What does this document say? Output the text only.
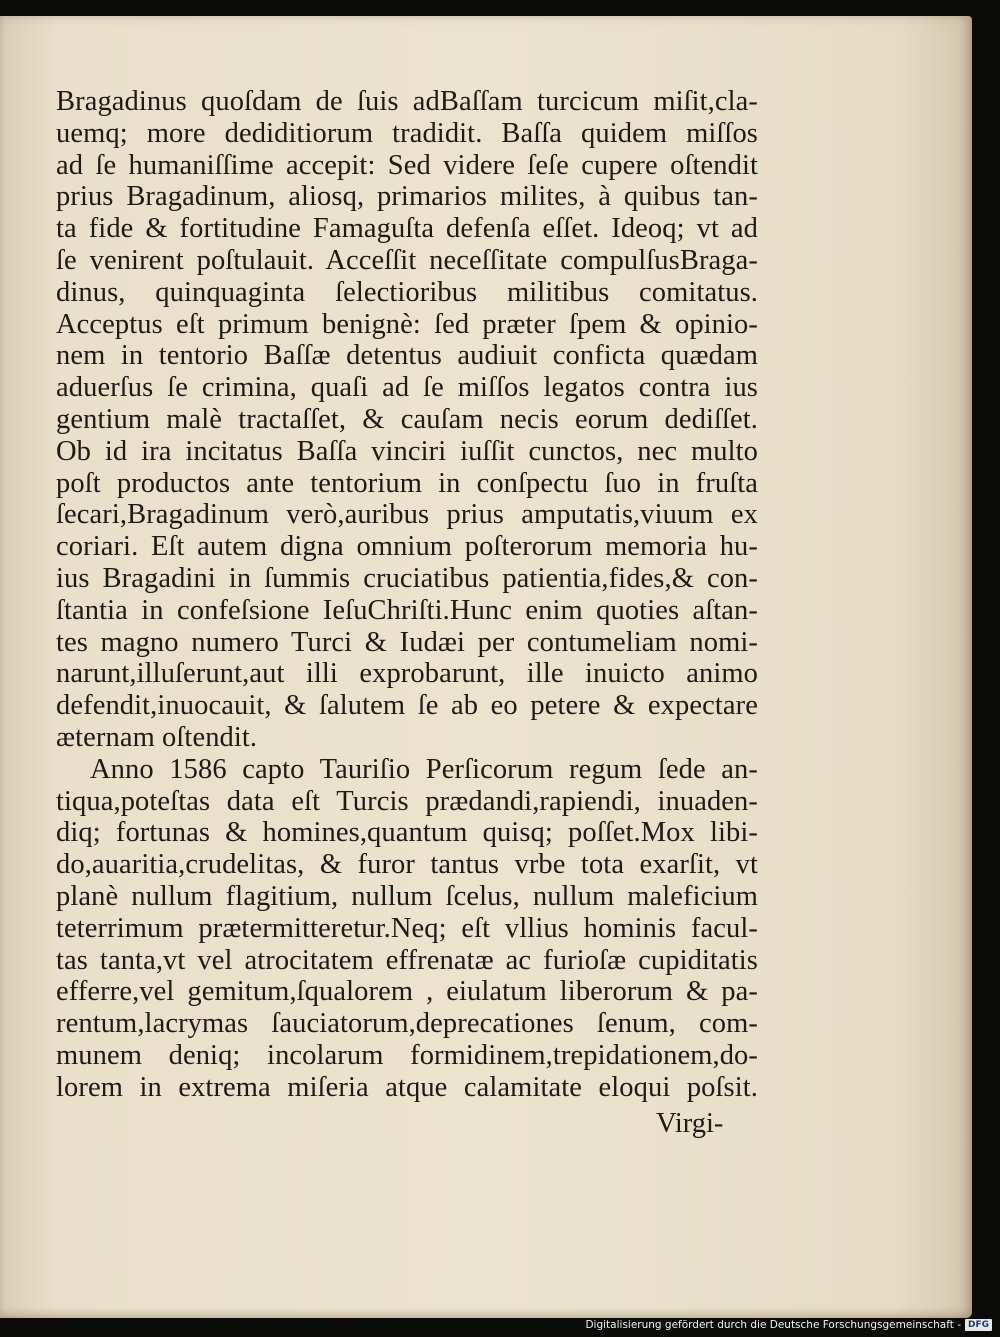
Bragadinus quoſdam de ſuis adBaſſam turcicum miſit,cla-
uemq; more dediditiorum tradidit. Baſſa quidem miſſos
ad ſe humaniſſime accepit: Sed videre ſeſe cupere oſtendit
prius Bragadinum, aliosq, primarios milites, à quibus tan-
ta fide & fortitudine Famaguſta defenſa eſſet. Ideoq; vt ad
ſe venirent poſtulauit. Acceſſit neceſſitate compulſusBraga-
dinus, quinquaginta ſelectioribus militibus comitatus.
Acceptus eſt primum benignè: ſed præter ſpem & opinio-
nem in tentorio Baſſæ detentus audiuit conficta quædam
aduerſus ſe crimina, quaſi ad ſe miſſos legatos contra ius
gentium malè tractaſſet, & cauſam necis eorum dediſſet.
Ob id ira incitatus Baſſa vinciri iuſſit cunctos, nec multo
poſt productos ante tentorium in conſpectu ſuo in fruſta
ſecari,Bragadinum verò,auribus prius amputatis,viuum ex
coriari. Eſt autem digna omnium poſterorum memoria hu-
ius Bragadini in ſummis cruciatibus patientia,fides,& con-
ſtantia in confeſsione IeſuChriſti.Hunc enim quoties aſtan-
tes magno numero Turci & Iudæi per contumeliam nomi-
narunt,illuſerunt,aut illi exprobarunt, ille inuicto animo
defendit,inuocauit, & ſalutem ſe ab eo petere & expectare
æternam oſtendit.
Anno 1586 capto Tauriſio Perſicorum regum ſede an-
tiqua,poteſtas data eſt Turcis prædandi,rapiendi, inuaden-
diq; fortunas & homines,quantum quisq; poſſet.Mox libi-
do,auaritia,crudelitas, & furor tantus vrbe tota exarſit, vt
planè nullum flagitium, nullum ſcelus, nullum maleficium
teterrimum prætermitteretur.Neq; eſt vllius hominis facul-
tas tanta,vt vel atrocitatem effrenatæ ac furioſæ cupiditatis
efferre,vel gemitum,ſqualorem , eiulatum liberorum & pa-
rentum,lacrymas ſauciatorum,deprecationes ſenum, com-
munem deniq; incolarum formidinem,trepidationem,do-
lorem in extrema miſeria atque calamitate eloqui poſsit.
Virgi-
Digitalisierung gefördert durch die Deutsche Forschungsgemeinschaft - DFG
